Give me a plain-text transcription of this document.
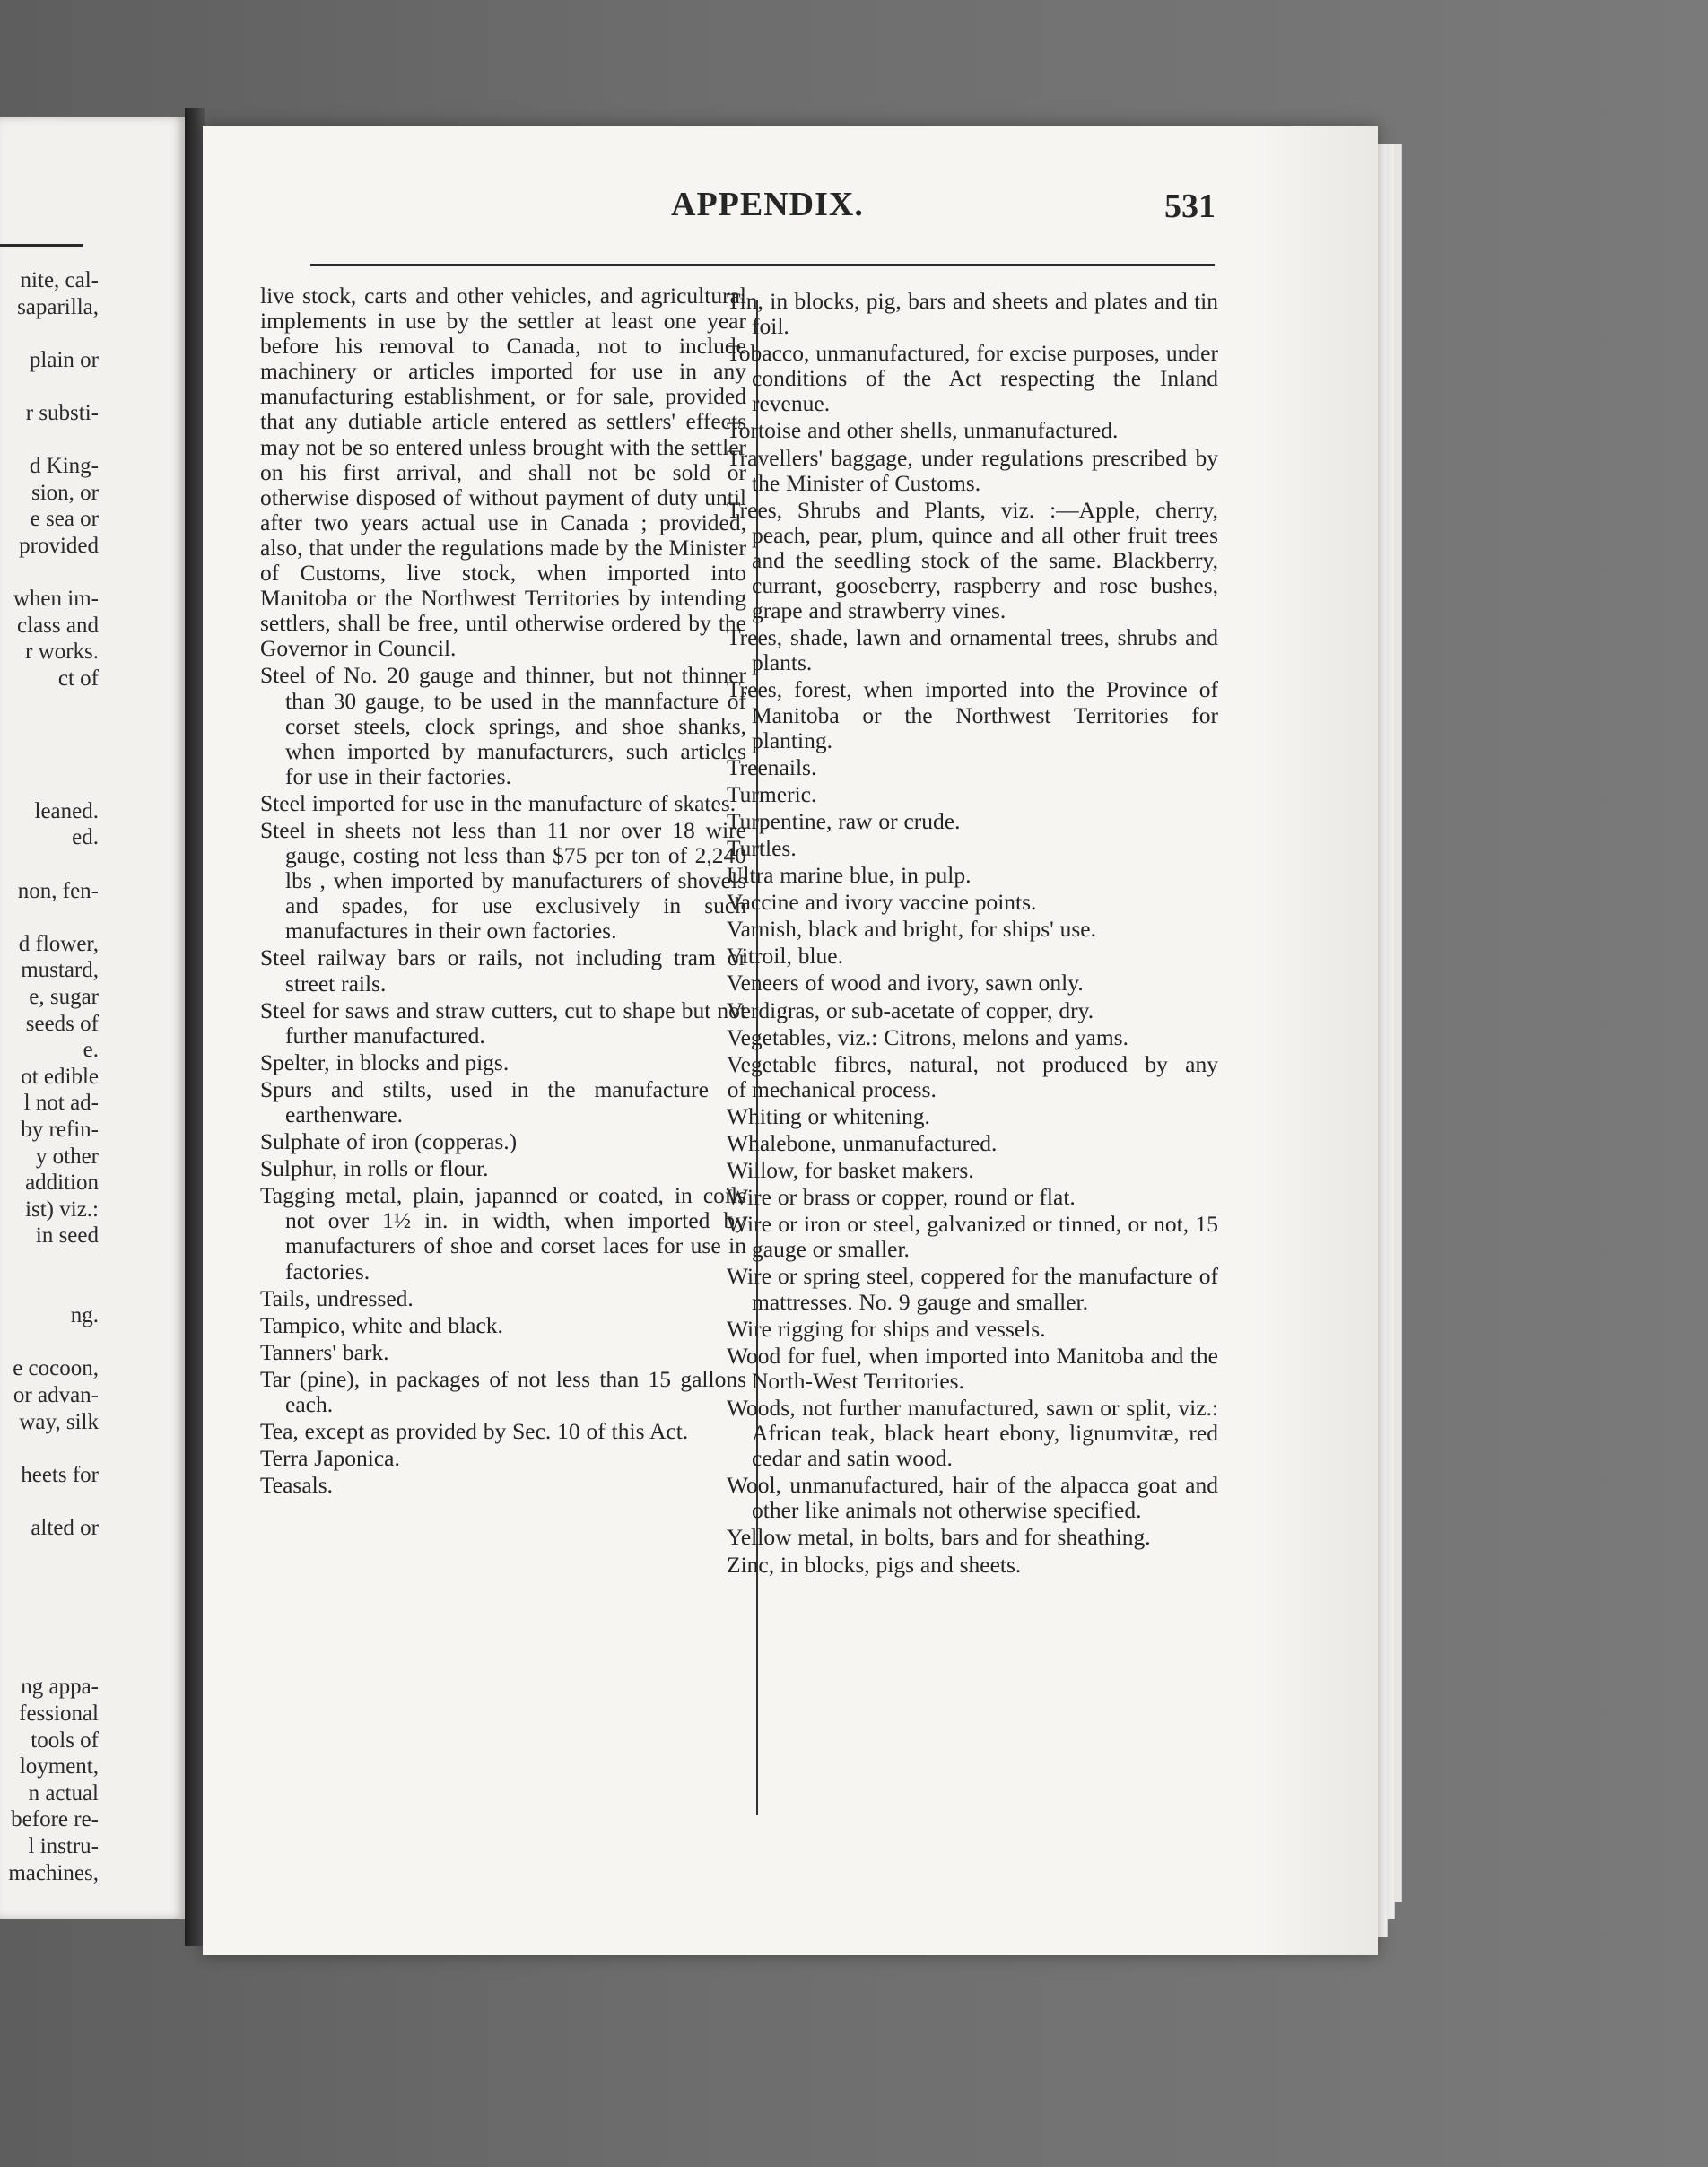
nite, cal-
saparilla,
plain or
r substi-
d King-
sion, or
e sea or
provided
when im-
class and
r works.
ct of
leaned.
ed.
non, fen-
d flower,
mustard,
e, sugar
seeds of
e.
ot edible
l not ad-
by refin-
y other
addition
ist) viz.:
in seed
ng.
e cocoon,
or advan-
way, silk
heets for
alted or
ng appa-
fessional
tools of
loyment,
n actual
before re-
l instru-
machines,
APPENDIX.	531
live stock, carts and other vehicles, and agricultural implements in use by the settler at least one year before his removal to Canada, not to include machinery or articles imported for use in any manufacturing establishment, or for sale, provided that any dutiable article entered as settlers' effects may not be so entered unless brought with the settler on his first arrival, and shall not be sold or otherwise disposed of without payment of duty until after two years actual use in Canada ; provided, also, that under the regulations made by the Minister of Customs, live stock, when imported into Manitoba or the Northwest Territories by intending settlers, shall be free, until otherwise ordered by the Governor in Council.
Steel of No. 20 gauge and thinner, but not thinner than 30 gauge, to be used in the mannfacture of corset steels, clock springs, and shoe shanks, when imported by manufacturers, such articles for use in their factories.
Steel imported for use in the manufacture of skates.
Steel in sheets not less than 11 nor over 18 wire gauge, costing not less than $75 per ton of 2,240 lbs , when imported by manufacturers of shovels and spades, for use exclusively in such manufactures in their own factories.
Steel railway bars or rails, not including tram or street rails.
Steel for saws and straw cutters, cut to shape but not further manufactured.
Spelter, in blocks and pigs.
Spurs and stilts, used in the manufacture of earthenware.
Sulphate of iron (copperas.)
Sulphur, in rolls or flour.
Tagging metal, plain, japanned or coated, in coils not over 1½ in. in width, when imported by manufacturers of shoe and corset laces for use in factories.
Tails, undressed.
Tampico, white and black.
Tanners' bark.
Tar (pine), in packages of not less than 15 gallons each.
Tea, except as provided by Sec. 10 of this Act.
Terra Japonica.
Teasals.
Tin, in blocks, pig, bars and sheets and plates and tin foil.
Tobacco, unmanufactured, for excise purposes, under conditions of the Act respecting the Inland revenue.
Tortoise and other shells, unmanufactured.
Travellers' baggage, under regulations prescribed by the Minister of Customs.
Trees, Shrubs and Plants, viz. :—Apple, cherry, peach, pear, plum, quince and all other fruit trees and the seedling stock of the same. Blackberry, currant, gooseberry, raspberry and rose bushes, grape and strawberry vines.
Trees, shade, lawn and ornamental trees, shrubs and plants.
Trees, forest, when imported into the Province of Manitoba or the Northwest Territories for planting.
Treenails.
Turmeric.
Turpentine, raw or crude.
Turtles.
Ultra marine blue, in pulp.
Vaccine and ivory vaccine points.
Varnish, black and bright, for ships' use.
Vitroil, blue.
Veneers of wood and ivory, sawn only.
Verdigras, or sub-acetate of copper, dry.
Vegetables, viz.: Citrons, melons and yams.
Vegetable fibres, natural, not produced by any mechanical process.
Whiting or whitening.
Whalebone, unmanufactured.
Willow, for basket makers.
Wire or brass or copper, round or flat.
Wire or iron or steel, galvanized or tinned, or not, 15 gauge or smaller.
Wire or spring steel, coppered for the manufacture of mattresses. No. 9 gauge and smaller.
Wire rigging for ships and vessels.
Wood for fuel, when imported into Manitoba and the North-West Territories.
Woods, not further manufactured, sawn or split, viz.: African teak, black heart ebony, lignumvitæ, red cedar and satin wood.
Wool, unmanufactured, hair of the alpacca goat and other like animals not otherwise specified.
Yellow metal, in bolts, bars and for sheathing.
Zinc, in blocks, pigs and sheets.
